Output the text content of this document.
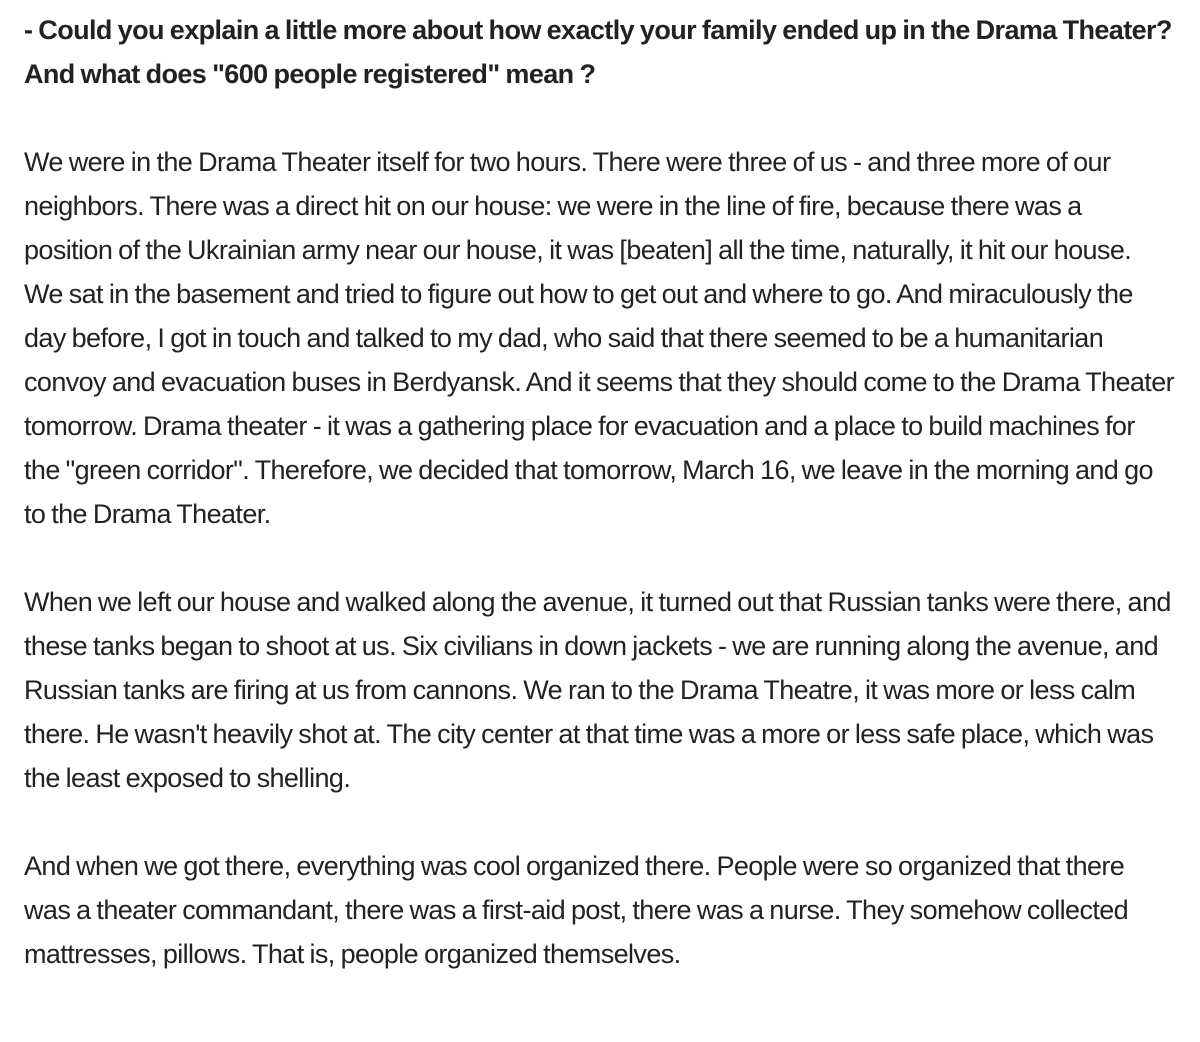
- Could you explain a little more about how exactly your family ended up in the Drama Theater? And what does "600 people registered" mean ?

We were in the Drama Theater itself for two hours. There were three of us - and three more of our neighbors. There was a direct hit on our house: we were in the line of fire, because there was a position of the Ukrainian army near our house, it was [beaten] all the time, naturally, it hit our house. We sat in the basement and tried to figure out how to get out and where to go. And miraculously the day before, I got in touch and talked to my dad, who said that there seemed to be a humanitarian convoy and evacuation buses in Berdyansk. And it seems that they should come to the Drama Theater tomorrow. Drama theater - it was a gathering place for evacuation and a place to build machines for the "green corridor". Therefore, we decided that tomorrow, March 16, we leave in the morning and go to the Drama Theater.

When we left our house and walked along the avenue, it turned out that Russian tanks were there, and these tanks began to shoot at us. Six civilians in down jackets - we are running along the avenue, and Russian tanks are firing at us from cannons. We ran to the Drama Theatre, it was more or less calm there. He wasn't heavily shot at. The city center at that time was a more or less safe place, which was the least exposed to shelling.

And when we got there, everything was cool organized there. People were so organized that there was a theater commandant, there was a first-aid post, there was a nurse. They somehow collected mattresses, pillows. That is, people organized themselves.
